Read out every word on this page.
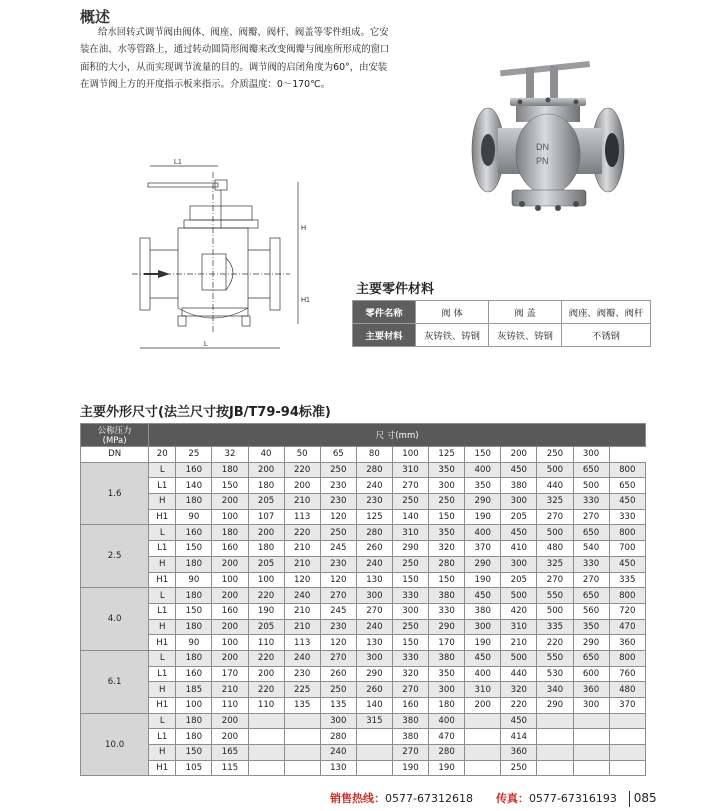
概述

给水回转式调节阀由阀体、阀座、阀瓣、阀杆、阀盖等零件组成。它安装在油、水等管路上，通过转动圆筒形阀瓣来改变阀瓣与阀座所形成的窗口面积的大小，从而实现调节流量的目的。调节阀的启闭角度为60°，由安装在调节阀上方的开度指示板来指示。介质温度：0～170℃。

DN
PN
L1
L
H
H1
主要零件材料
零件名称	阀 体	阀 盖	阀座、阀瓣、阀杆
主要材料	灰铸铁、铸钢	灰铸铁、铸钢	不锈钢
主要外形尺寸(法兰尺寸按JB/T79-94标准)
公称压力
(MPa)	尺 寸(mm)													
DN	20	25	32	40	50	65	80	100	125	150	200	250	300	
1.6	L	160	180	200	220	250	280	310	350	400	450	500	650	800
	L1	140	150	180	200	230	240	270	300	350	380	440	500	650
	H	180	200	205	210	230	230	250	250	290	300	325	330	450
	H1	90	100	107	113	120	125	140	150	190	205	270	270	330
2.5	L	160	180	200	220	250	280	310	350	400	450	500	650	800
	L1	150	160	180	210	245	260	290	320	370	410	480	540	700
	H	180	200	205	210	230	240	250	280	290	300	325	330	450
	H1	90	100	100	120	120	130	150	150	190	205	270	270	335
4.0	L	180	200	220	240	270	300	330	380	450	500	550	650	800
	L1	150	160	190	210	245	270	300	330	380	420	500	560	720
	H	180	200	205	210	230	240	250	290	300	310	335	350	470
	H1	90	100	110	113	120	130	150	170	190	210	220	290	360
6.1	L	180	200	220	240	270	300	330	380	450	500	550	650	800
	L1	160	170	200	230	260	290	320	350	400	440	530	600	760
	H	185	210	220	225	250	260	270	300	310	320	340	360	480
	H1	100	110	110	135	135	140	160	180	200	220	290	300	370
10.0	L	180	200			300	315	380	400		450			
	L1	180	200			280		380	470		414			
	H	150	165			240		270	280		360			
	H1	105	115			130		190	190		250			
销售热线：0577-67312618 传真：0577-67316193 085
